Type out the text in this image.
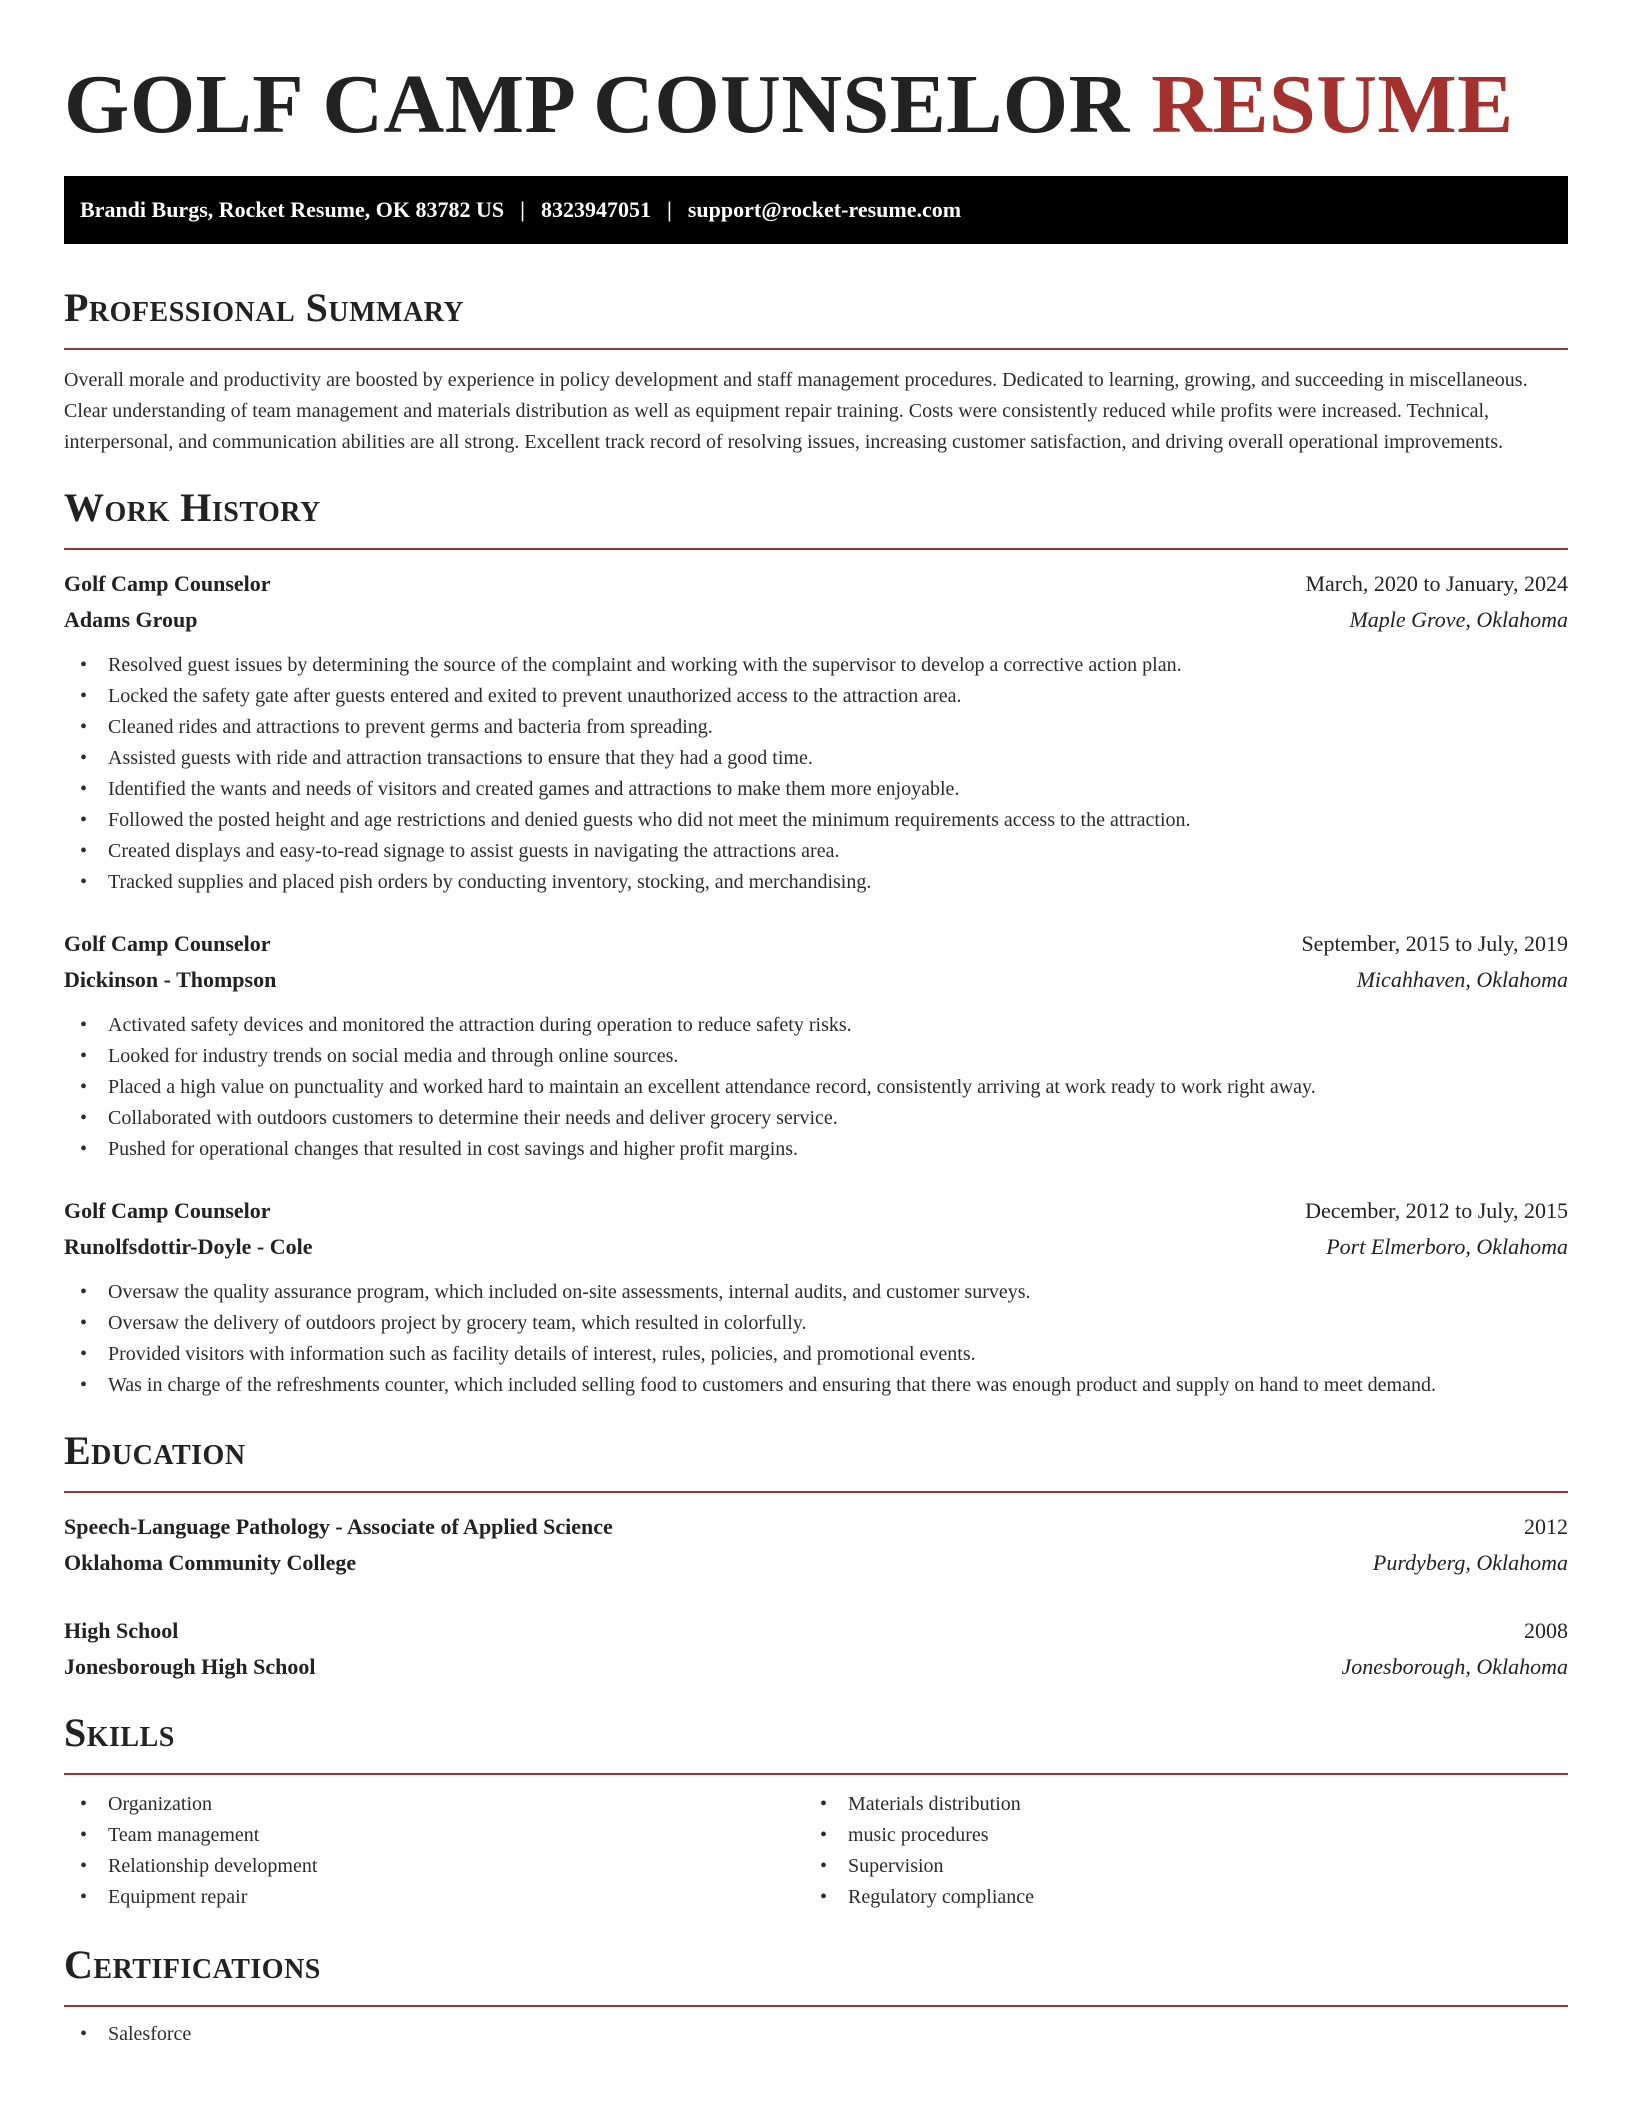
GOLF CAMP COUNSELOR RESUME
Brandi Burgs, Rocket Resume, OK 83782 US | 8323947051 | support@rocket-resume.com
Professional Summary

Overall morale and productivity are boosted by experience in policy development and staff management procedures. Dedicated to learning, growing, and succeeding in miscellaneous. Clear understanding of team management and materials distribution as well as equipment repair training. Costs were consistently reduced while profits were increased. Technical, interpersonal, and communication abilities are all strong. Excellent track record of resolving issues, increasing customer satisfaction, and driving overall operational improvements.

Work History
Golf Camp Counselor	March, 2020 to January, 2024
Adams Group	Maple Grove, Oklahoma
• Resolved guest issues by determining the source of the complaint and working with the supervisor to develop a corrective action plan.
• Locked the safety gate after guests entered and exited to prevent unauthorized access to the attraction area.
• Cleaned rides and attractions to prevent germs and bacteria from spreading.
• Assisted guests with ride and attraction transactions to ensure that they had a good time.
• Identified the wants and needs of visitors and created games and attractions to make them more enjoyable.
• Followed the posted height and age restrictions and denied guests who did not meet the minimum requirements access to the attraction.
• Created displays and easy-to-read signage to assist guests in navigating the attractions area.
• Tracked supplies and placed pish orders by conducting inventory, stocking, and merchandising.
Golf Camp Counselor	September, 2015 to July, 2019
Dickinson - Thompson	Micahhaven, Oklahoma
• Activated safety devices and monitored the attraction during operation to reduce safety risks.
• Looked for industry trends on social media and through online sources.
• Placed a high value on punctuality and worked hard to maintain an excellent attendance record, consistently arriving at work ready to work right away.
• Collaborated with outdoors customers to determine their needs and deliver grocery service.
• Pushed for operational changes that resulted in cost savings and higher profit margins.
Golf Camp Counselor	December, 2012 to July, 2015
Runolfsdottir-Doyle - Cole	Port Elmerboro, Oklahoma
• Oversaw the quality assurance program, which included on-site assessments, internal audits, and customer surveys.
• Oversaw the delivery of outdoors project by grocery team, which resulted in colorfully.
• Provided visitors with information such as facility details of interest, rules, policies, and promotional events.
• Was in charge of the refreshments counter, which included selling food to customers and ensuring that there was enough product and supply on hand to meet demand.
Education
Speech-Language Pathology - Associate of Applied Science	2012
Oklahoma Community College	Purdyberg, Oklahoma
High School	2008
Jonesborough High School	Jonesborough, Oklahoma
Skills
• Organization
• Team management
• Relationship development
• Equipment repair
• Materials distribution
• music procedures
• Supervision
• Regulatory compliance
Certifications
• Salesforce
